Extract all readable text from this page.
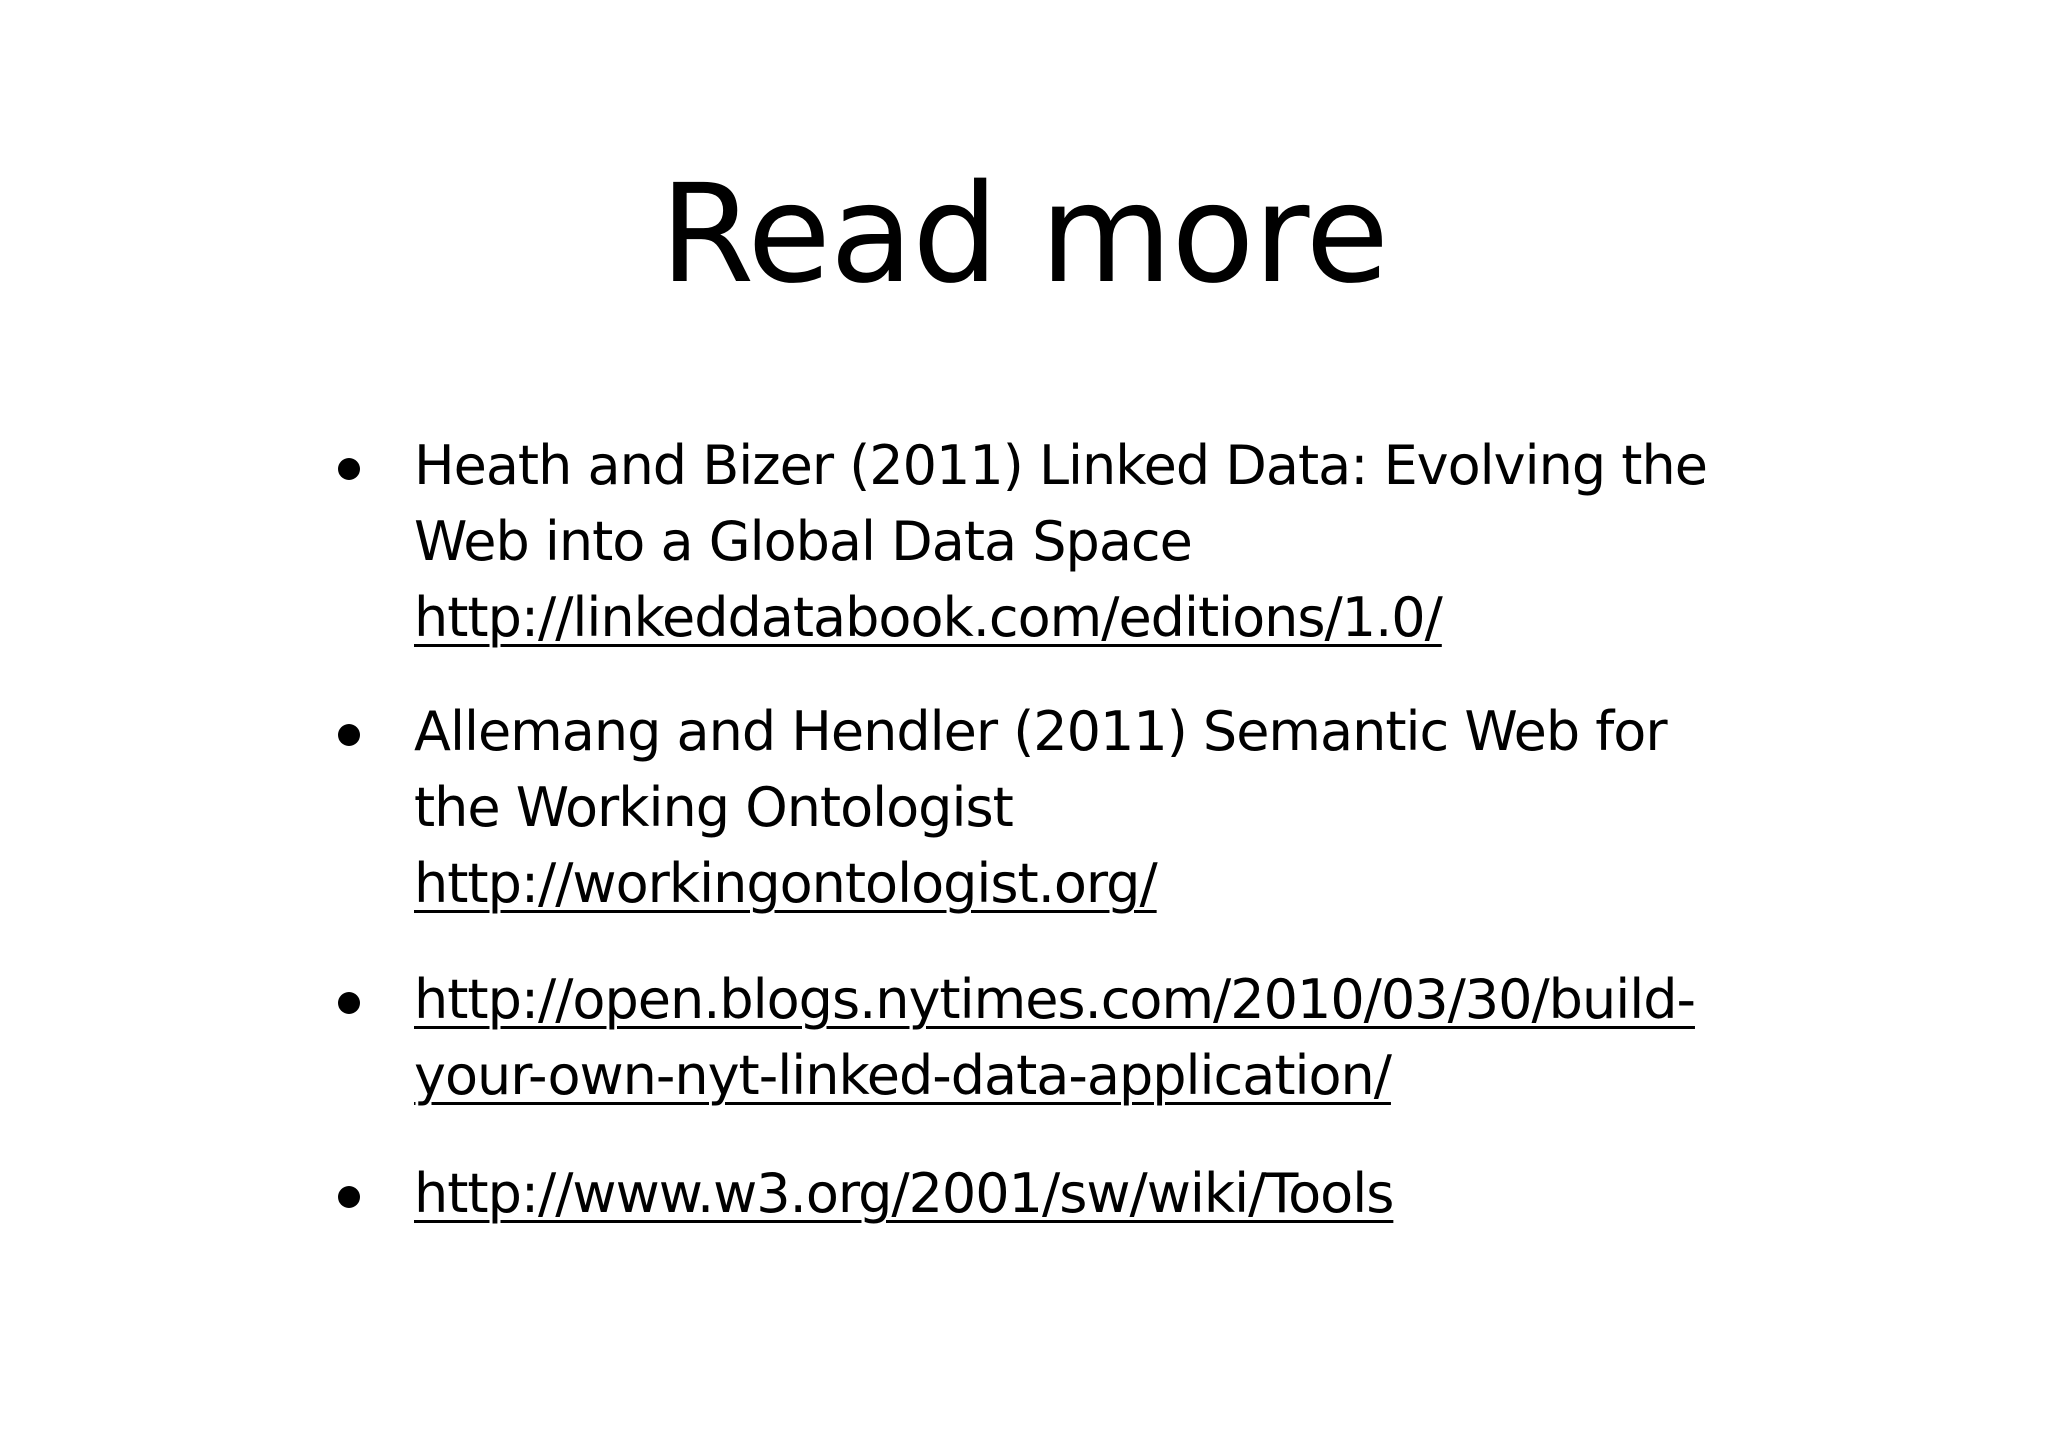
Read more
Heath and Bizer (2011) Linked Data: Evolving the
Web into a Global Data Space
http://linkeddatabook.com/editions/1.0/
Allemang and Hendler (2011) Semantic Web for
the Working Ontologist
http://workingontologist.org/
http://open.blogs.nytimes.com/2010/03/30/build-
your-own-nyt-linked-data-application/
http://www.w3.org/2001/sw/wiki/Tools
